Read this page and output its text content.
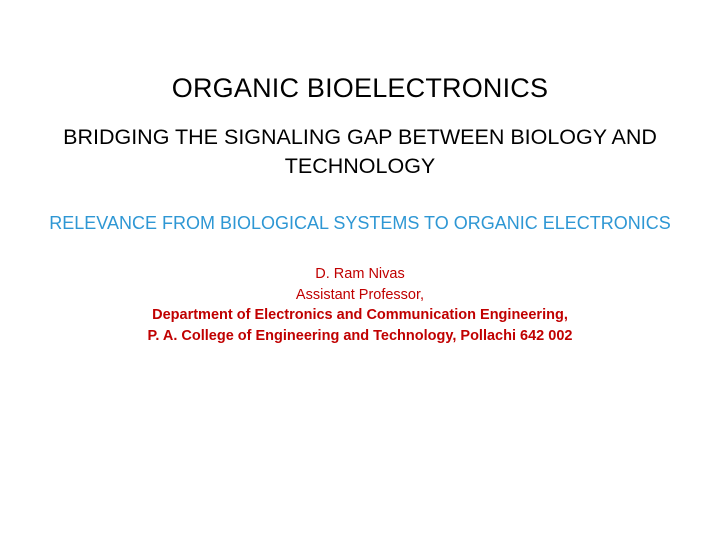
ORGANIC BIOELECTRONICS
BRIDGING THE SIGNALING GAP BETWEEN BIOLOGY AND TECHNOLOGY

RELEVANCE FROM BIOLOGICAL SYSTEMS TO ORGANIC ELECTRONICS

D. Ram Nivas

Assistant Professor,

Department of Electronics and Communication Engineering,

P. A. College of Engineering and Technology, Pollachi 642 002
